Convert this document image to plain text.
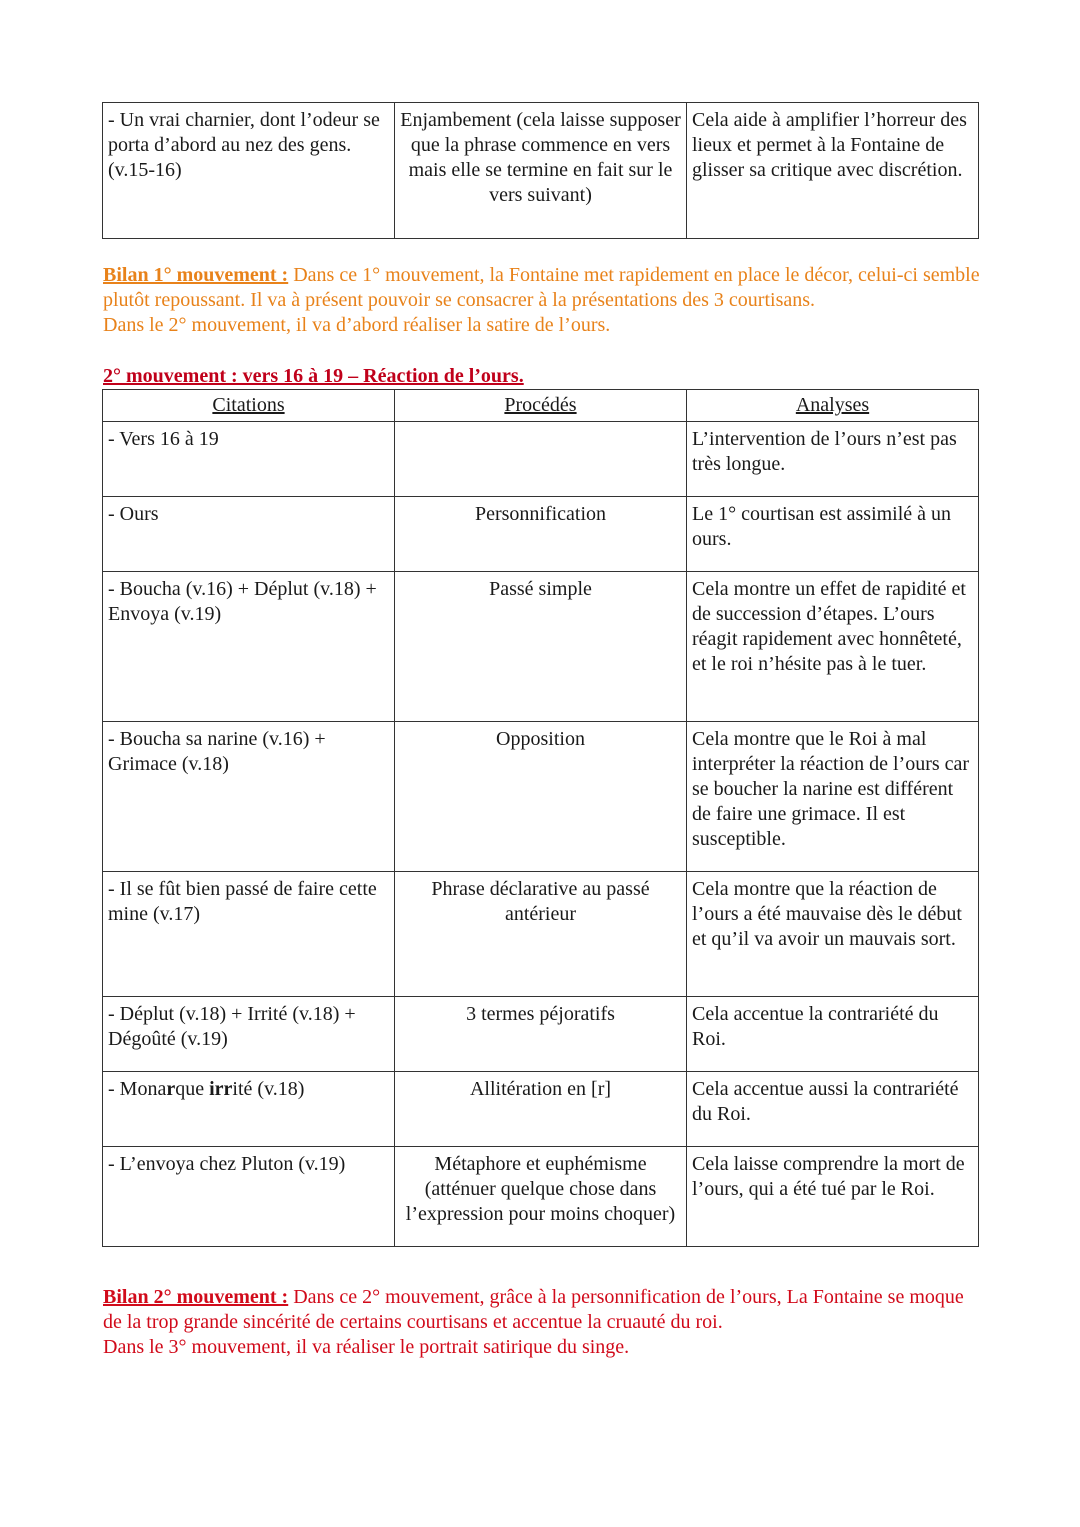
- Un vrai charnier, dont l’odeur se porta d’abord au nez des gens. (v.15-16)	Enjambement (cela laisse supposer que la phrase commence en vers mais elle se termine en fait sur le vers suivant)	Cela aide à amplifier l’horreur des lieux et permet à la Fontaine de glisser sa critique avec discrétion.

Bilan 1° mouvement : Dans ce 1° mouvement, la Fontaine met rapidement en place le décor, celui-ci semble plutôt repoussant. Il va à présent pouvoir se consacrer à la présentations des 3 courtisans.
Dans le 2° mouvement, il va d’abord réaliser la satire de l’ours.

2° mouvement : vers 16 à 19 – Réaction de l’ours.

Citations	Procédés	Analyses
- Vers 16 à 19		L’intervention de l’ours n’est pas très longue.
- Ours	Personnification	Le 1° courtisan est assimilé à un ours.
- Boucha (v.16) + Déplut (v.18) + Envoya (v.19)	Passé simple	Cela montre un effet de rapidité et de succession d’étapes. L’ours réagit rapidement avec honnêteté, et le roi n’hésite pas à le tuer.
- Boucha sa narine (v.16) + Grimace (v.18)	Opposition	Cela montre que le Roi à mal interpréter la réaction de l’ours car se boucher la narine est différent de faire une grimace. Il est susceptible.
- Il se fût bien passé de faire cette mine (v.17)	Phrase déclarative au passé antérieur	Cela montre que la réaction de l’ours a été mauvaise dès le début et qu’il va avoir un mauvais sort.
- Déplut (v.18) + Irrité (v.18) + Dégoûté (v.19)	3 termes péjoratifs	Cela accentue la contrariété du Roi.
- Monarque irrité (v.18)	Allitération en [r]	Cela accentue aussi la contrariété du Roi.
- L’envoya chez Pluton (v.19)	Métaphore et euphémisme (atténuer quelque chose dans l’expression pour moins choquer)	Cela laisse comprendre la mort de l’ours, qui a été tué par le Roi.

Bilan 2° mouvement : Dans ce 2° mouvement, grâce à la personnification de l’ours, La Fontaine se moque de la trop grande sincérité de certains courtisans et accentue la cruauté du roi.
Dans le 3° mouvement, il va réaliser le portrait satirique du singe.
